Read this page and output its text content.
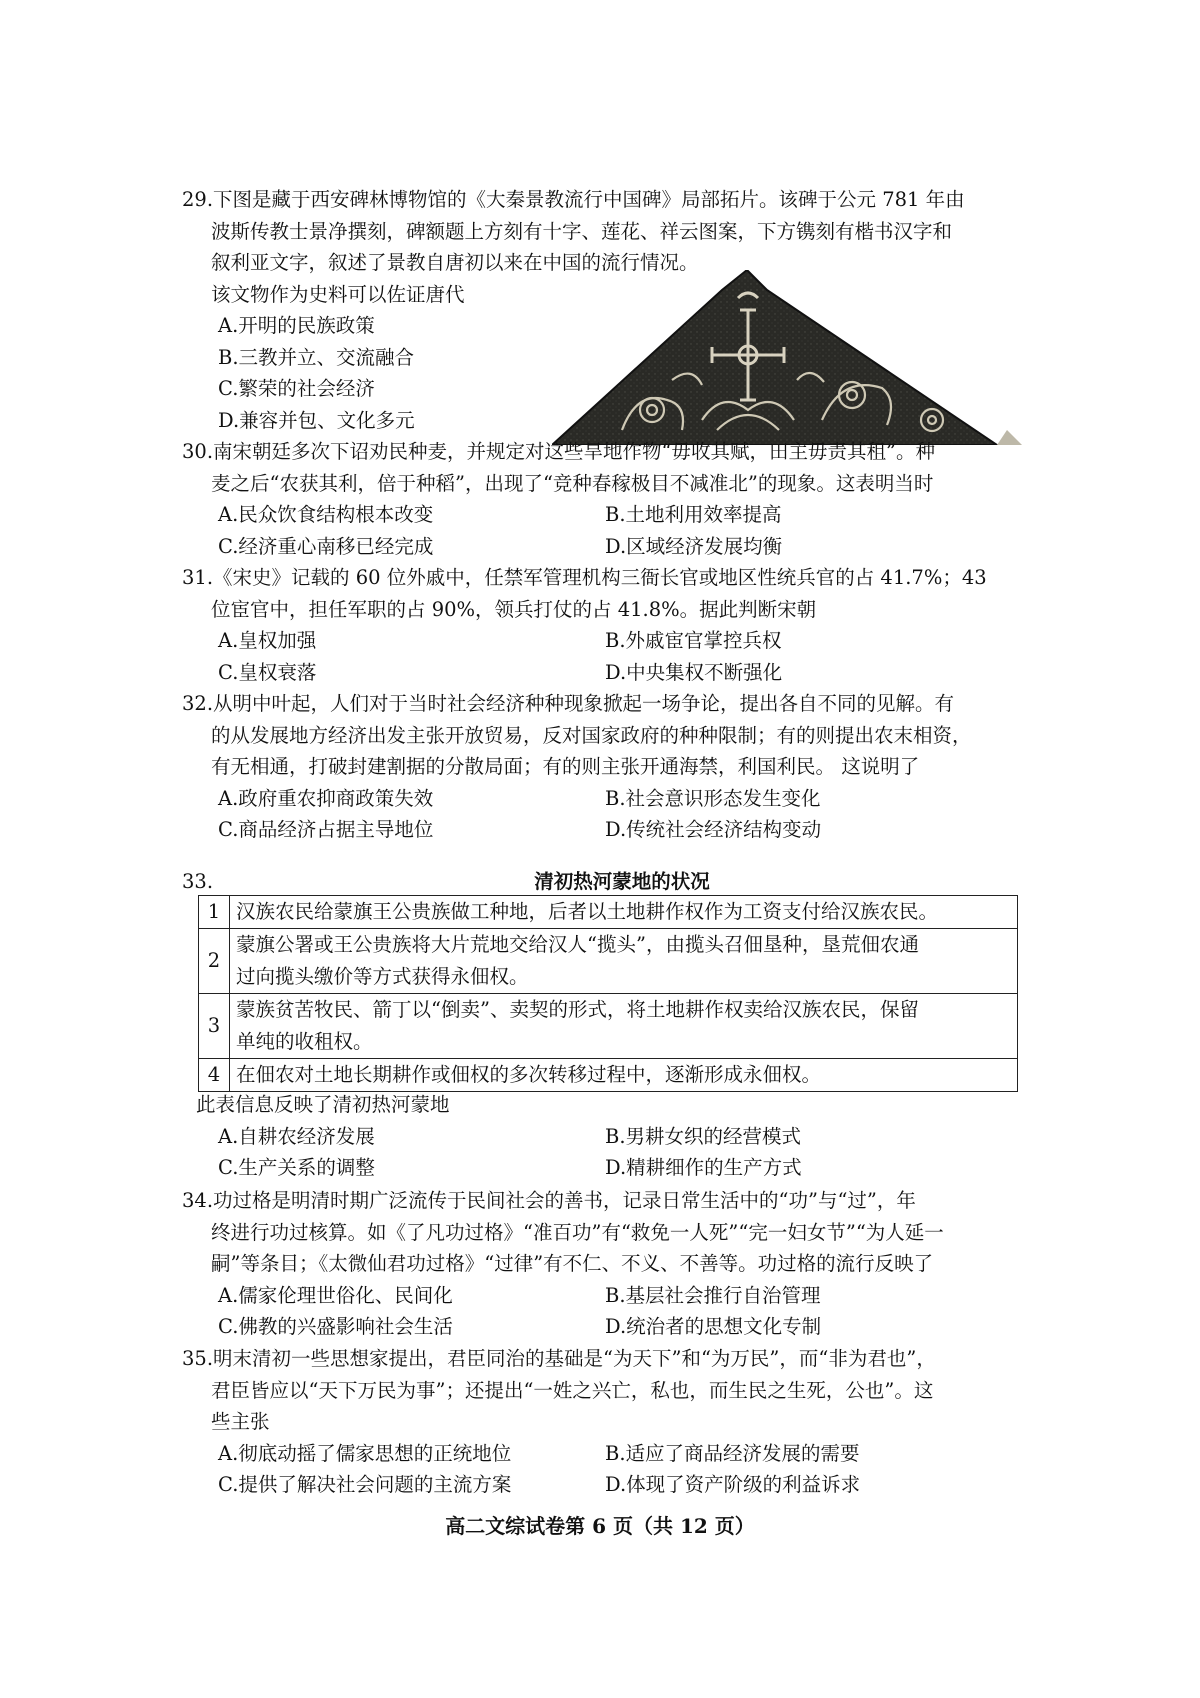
29.下图是藏于西安碑林博物馆的《大秦景教流行中国碑》局部拓片。该碑于公元 781 年由

波斯传教士景净撰刻，碑额题上方刻有十字、莲花、祥云图案，下方镌刻有楷书汉字和

叙利亚文字，叙述了景教自唐初以来在中国的流行情况。

该文物作为史料可以佐证唐代

A.开明的民族政策
B.三教并立、交流融合
C.繁荣的社会经济
D.兼容并包、文化多元

30.南宋朝廷多次下诏劝民种麦，并规定对这些旱地作物“毋收其赋，田主毋责其租”。种

麦之后“农获其利，倍于种稻”，出现了“竞种春稼极目不减准北”的现象。这表明当时

A.民众饮食结构根本改变	B.土地利用效率提高
C.经济重心南移已经完成	D.区域经济发展均衡

31.《宋史》记载的 60 位外戚中，任禁军管理机构三衙长官或地区性统兵官的占 41.7%；43

位宦官中，担任军职的占 90%，领兵打仗的占 41.8%。据此判断宋朝

A.皇权加强	B.外戚宦官掌控兵权
C.皇权衰落	D.中央集权不断强化

32.从明中叶起，人们对于当时社会经济种种现象掀起一场争论，提出各自不同的见解。有

的从发展地方经济出发主张开放贸易，反对国家政府的种种限制；有的则提出农末相资，

有无相通，打破封建割据的分散局面；有的则主张开通海禁，利国利民。 这说明了

A.政府重农抑商政策失效	B.社会意识形态发生变化
C.商品经济占据主导地位	D.传统社会经济结构变动
33.	清初热河蒙地的状况
1	汉族农民给蒙旗王公贵族做工种地，后者以土地耕作权作为工资支付给汉族农民。
2	蒙旗公署或王公贵族将大片荒地交给汉人“揽头”，由揽头召佃垦种，垦荒佃农通
过向揽头缴价等方式获得永佃权。

3	蒙族贫苦牧民、箭丁以“倒卖”、卖契的形式，将土地耕作权卖给汉族农民，保留
单纯的收租权。

4	在佃农对土地长期耕作或佃权的多次转移过程中，逐渐形成永佃权。

此表信息反映了清初热河蒙地

A.自耕农经济发展	B.男耕女织的经营模式
C.生产关系的调整	D.精耕细作的生产方式

34.功过格是明清时期广泛流传于民间社会的善书，记录日常生活中的“功”与“过”，年

终进行功过核算。如《了凡功过格》“准百功”有“救免一人死”“完一妇女节”“为人延一

嗣”等条目；《太微仙君功过格》“过律”有不仁、不义、不善等。功过格的流行反映了

A.儒家伦理世俗化、民间化	B.基层社会推行自治管理
C.佛教的兴盛影响社会生活	D.统治者的思想文化专制

35.明末清初一些思想家提出，君臣同治的基础是“为天下”和“为万民”，而“非为君也”，

君臣皆应以“天下万民为事”；还提出“一姓之兴亡，私也，而生民之生死，公也”。这

些主张

A.彻底动摇了儒家思想的正统地位	B.适应了商品经济发展的需要
C.提供了解决社会问题的主流方案	D.体现了资产阶级的利益诉求
高二文综试卷第 6 页（共 12 页）
